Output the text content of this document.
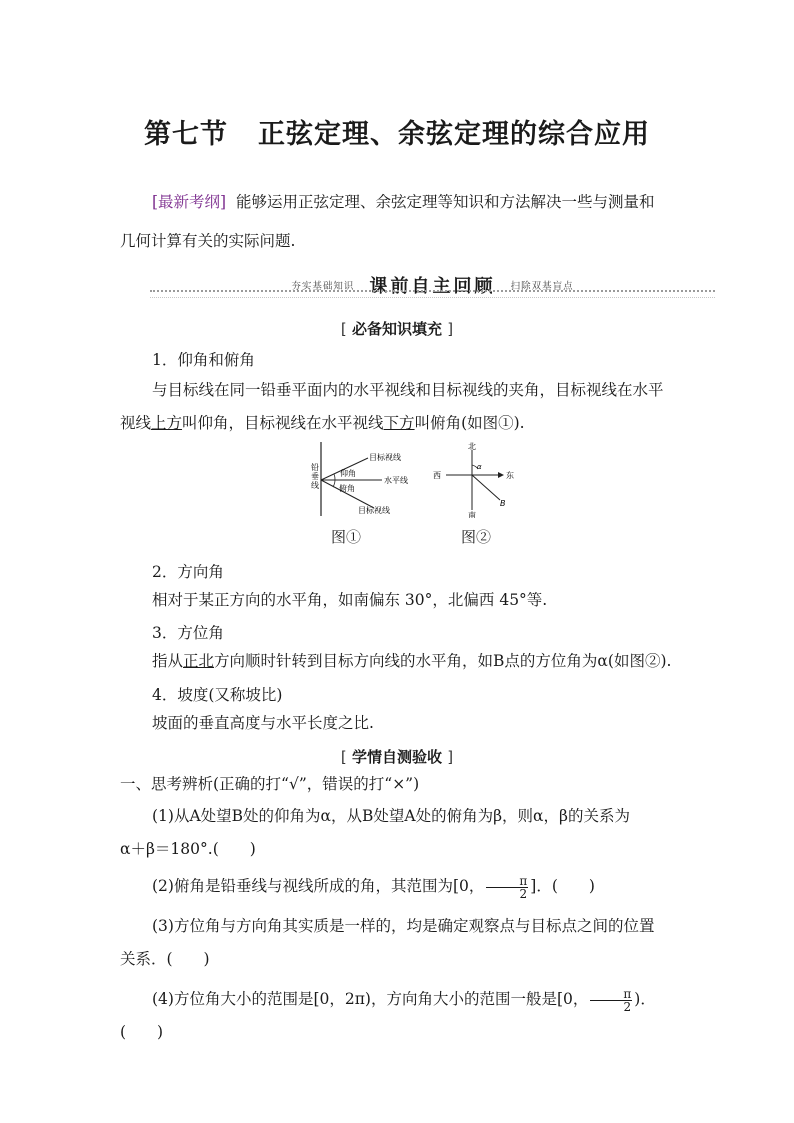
第七节 正弦定理、余弦定理的综合应用
[最新考纲] 能够运用正弦定理、余弦定理等知识和方法解决一些与测量和
几何计算有关的实际问题.
夯实基础知识 课前自主回顾 扫除双基盲点
[ 必备知识填充 ]
1．仰角和俯角
与目标线在同一铅垂平面内的水平视线和目标视线的夹角，目标视线在水平
视线上方叫仰角，目标视线在水平视线下方叫俯角(如图①).
铅垂线
目标视线
仰角
水平线
俯角
目标视线
图①
北
南
东
西
α
B
图②
2．方向角
相对于某正方向的水平角，如南偏东 30°，北偏西 45°等.
3．方位角
指从正北方向顺时针转到目标方向线的水平角，如B点的方位角为α(如图②).
4．坡度(又称坡比)
坡面的垂直高度与水平长度之比.
[ 学情自测验收 ]
一、思考辨析(正确的打“√”，错误的打“×”)
(1)从A处望B处的仰角为α，从B处望A处的俯角为β，则α，β的关系为
α＋β＝180°.(　　)
(2)俯角是铅垂线与视线所成的角，其范围为[0， $\frac{\pi}{2}$ ]．(　　)
(3)方位角与方向角其实质是一样的，均是确定观察点与目标点之间的位置
关系．(　　)
(4)方位角大小的范围是[0，2π)，方向角大小的范围一般是[0， $\frac{\pi}{2}$ )．(　　)
